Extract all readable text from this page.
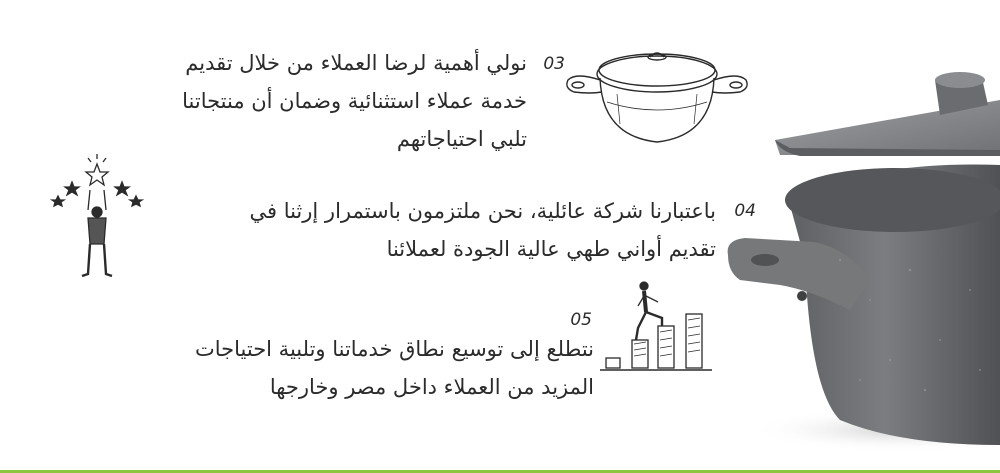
03
نولي أهمية لرضا العملاء من خلال تقديم خدمة عملاء استثنائية وضمان أن منتجاتنا تلبي احتياجاتهم
04
باعتبارنا شركة عائلية، نحن ملتزمون باستمرار إرثنا في تقديم أواني طهي عالية الجودة لعملائنا
05
نتطلع إلى توسيع نطاق خدماتنا وتلبية احتياجات المزيد من العملاء داخل مصر وخارجها
